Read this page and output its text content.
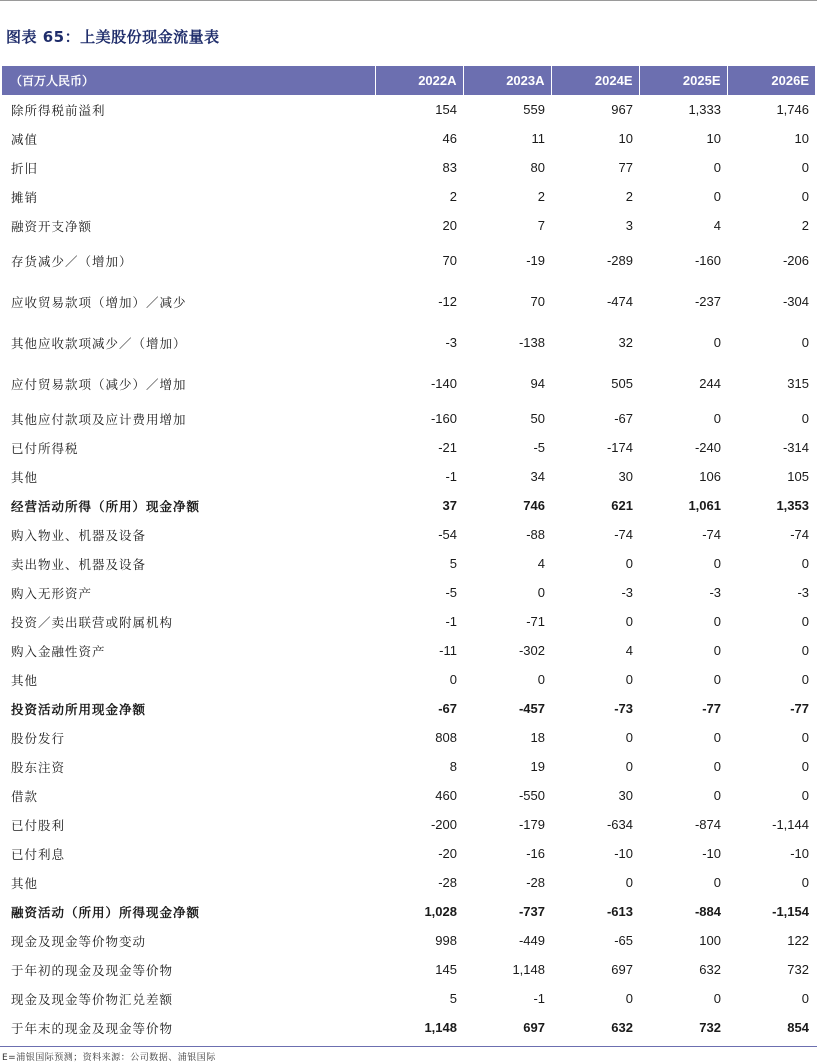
图表 65：上美股份现金流量表
（百万人民币）	2022A	2023A	2024E	2025E	2026E
除所得税前溢利	154	559	967	1,333	1,746
减值	46	11	10	10	10
折旧	83	80	77	0	0
摊销	2	2	2	0	0
融资开支净额	20	7	3	4	2
存货减少／（增加）	70	-19	-289	-160	-206
应收贸易款项（增加）／减少	-12	70	-474	-237	-304
其他应收款项减少／（增加）	-3	-138	32	0	0
应付贸易款项（减少）／增加	-140	94	505	244	315
其他应付款项及应计费用增加	-160	50	-67	0	0
已付所得税	-21	-5	-174	-240	-314
其他	-1	34	30	106	105
经营活动所得（所用）现金净额	37	746	621	1,061	1,353
购入物业、机器及设备	-54	-88	-74	-74	-74
卖出物业、机器及设备	5	4	0	0	0
购入无形资产	-5	0	-3	-3	-3
投资／卖出联营或附属机构	-1	-71	0	0	0
购入金融性资产	-11	-302	4	0	0
其他	0	0	0	0	0
投资活动所用现金净额	-67	-457	-73	-77	-77
股份发行	808	18	0	0	0
股东注资	8	19	0	0	0
借款	460	-550	30	0	0
已付股利	-200	-179	-634	-874	-1,144
已付利息	-20	-16	-10	-10	-10
其他	-28	-28	0	0	0
融资活动（所用）所得现金净额	1,028	-737	-613	-884	-1,154
现金及现金等价物变动	998	-449	-65	100	122
于年初的现金及现金等价物	145	1,148	697	632	732
现金及现金等价物汇兑差额	5	-1	0	0	0
于年末的现金及现金等价物	1,148	697	632	732	854
E=浦银国际预测；资料来源：公司数据、浦银国际
